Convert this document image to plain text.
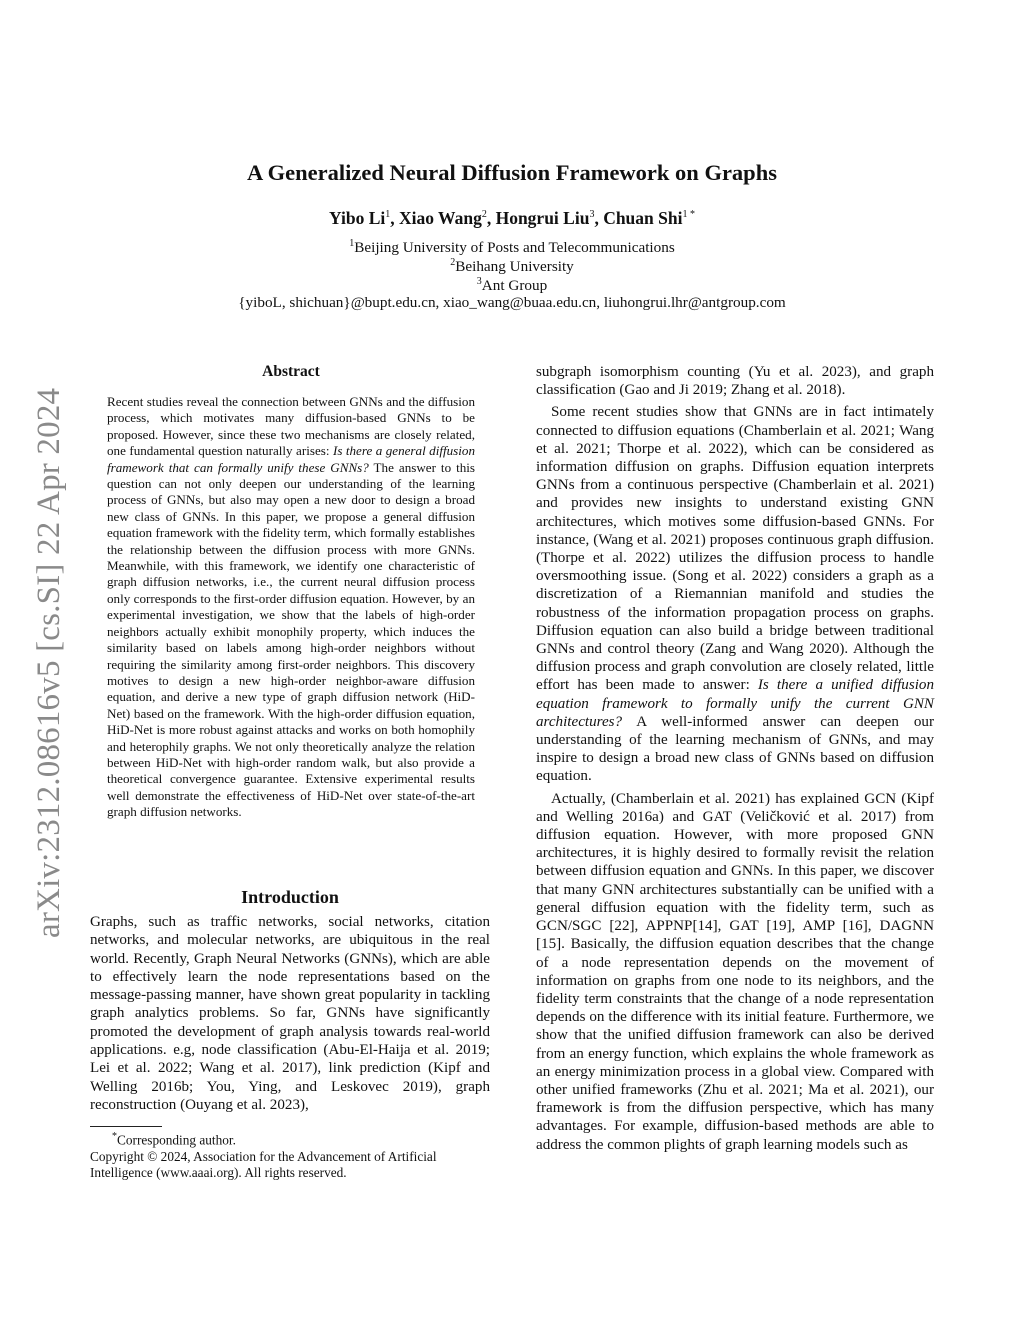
A Generalized Neural Diffusion Framework on Graphs
Yibo Li$^1$, Xiao Wang$^2$, Hongrui Liu$^3$, Chuan Shi$^{1 *}$
$^1$Beijing University of Posts and Telecommunications
$^2$Beihang University
$^3$Ant Group
{yiboL, shichuan}@bupt.edu.cn, xiao_wang@buaa.edu.cn, liuhongrui.lhr@antgroup.com
arXiv:2312.08616v5 [cs.SI] 22 Apr 2024
Abstract
Recent studies reveal the connection between GNNs and the diffusion process, which motivates many diffusion-based GNNs to be proposed. However, since these two mechanisms are closely related, one fundamental question naturally arises: Is there a general diffusion framework that can formally unify these GNNs? The answer to this question can not only deepen our understanding of the learning process of GNNs, but also may open a new door to design a broad new class of GNNs. In this paper, we propose a general diffusion equation framework with the fidelity term, which formally establishes the relationship between the diffusion process with more GNNs. Meanwhile, with this framework, we identify one characteristic of graph diffusion networks, i.e., the current neural diffusion process only corresponds to the first-order diffusion equation. However, by an experimental investigation, we show that the labels of high-order neighbors actually exhibit monophily property, which induces the similarity based on labels among high-order neighbors without requiring the similarity among first-order neighbors. This discovery motives to design a new high-order neighbor-aware diffusion equation, and derive a new type of graph diffusion network (HiD-Net) based on the framework. With the high-order diffusion equation, HiD-Net is more robust against attacks and works on both homophily and heterophily graphs. We not only theoretically analyze the relation between HiD-Net with high-order random walk, but also provide a theoretical convergence guarantee. Extensive experimental results well demonstrate the effectiveness of HiD-Net over state-of-the-art graph diffusion networks.
Introduction
Graphs, such as traffic networks, social networks, citation networks, and molecular networks, are ubiquitous in the real world. Recently, Graph Neural Networks (GNNs), which are able to effectively learn the node representations based on the message-passing manner, have shown great popularity in tackling graph analytics problems. So far, GNNs have significantly promoted the development of graph analysis towards real-world applications. e.g, node classification (Abu-El-Haija et al. 2019; Lei et al. 2022; Wang et al. 2017), link prediction (Kipf and Welling 2016b; You, Ying, and Leskovec 2019), graph reconstruction (Ouyang et al. 2023),
*Corresponding author.
Copyright © 2024, Association for the Advancement of Artificial Intelligence (www.aaai.org). All rights reserved.

subgraph isomorphism counting (Yu et al. 2023), and graph classification (Gao and Ji 2019; Zhang et al. 2018).

Some recent studies show that GNNs are in fact intimately connected to diffusion equations (Chamberlain et al. 2021; Wang et al. 2021; Thorpe et al. 2022), which can be considered as information diffusion on graphs. Diffusion equation interprets GNNs from a continuous perspective (Chamberlain et al. 2021) and provides new insights to understand existing GNN architectures, which motives some diffusion-based GNNs. For instance, (Wang et al. 2021) proposes continuous graph diffusion. (Thorpe et al. 2022) utilizes the diffusion process to handle oversmoothing issue. (Song et al. 2022) considers a graph as a discretization of a Riemannian manifold and studies the robustness of the information propagation process on graphs. Diffusion equation can also build a bridge between traditional GNNs and control theory (Zang and Wang 2020). Although the diffusion process and graph convolution are closely related, little effort has been made to answer: Is there a unified diffusion equation framework to formally unify the current GNN architectures? A well-informed answer can deepen our understanding of the learning mechanism of GNNs, and may inspire to design a broad new class of GNNs based on diffusion equation.

Actually, (Chamberlain et al. 2021) has explained GCN (Kipf and Welling 2016a) and GAT (Veličković et al. 2017) from diffusion equation. However, with more proposed GNN architectures, it is highly desired to formally revisit the relation between diffusion equation and GNNs. In this paper, we discover that many GNN architectures substantially can be unified with a general diffusion equation with the fidelity term, such as GCN/SGC [22], APPNP[14], GAT [19], AMP [16], DAGNN [15]. Basically, the diffusion equation describes that the change of a node representation depends on the movement of information on graphs from one node to its neighbors, and the fidelity term constraints that the change of a node representation depends on the difference with its initial feature. Furthermore, we show that the unified diffusion framework can also be derived from an energy function, which explains the whole framework as an energy minimization process in a global view. Compared with other unified frameworks (Zhu et al. 2021; Ma et al. 2021), our framework is from the diffusion perspective, which has many advantages. For example, diffusion-based methods are able to address the common plights of graph learning models such as
